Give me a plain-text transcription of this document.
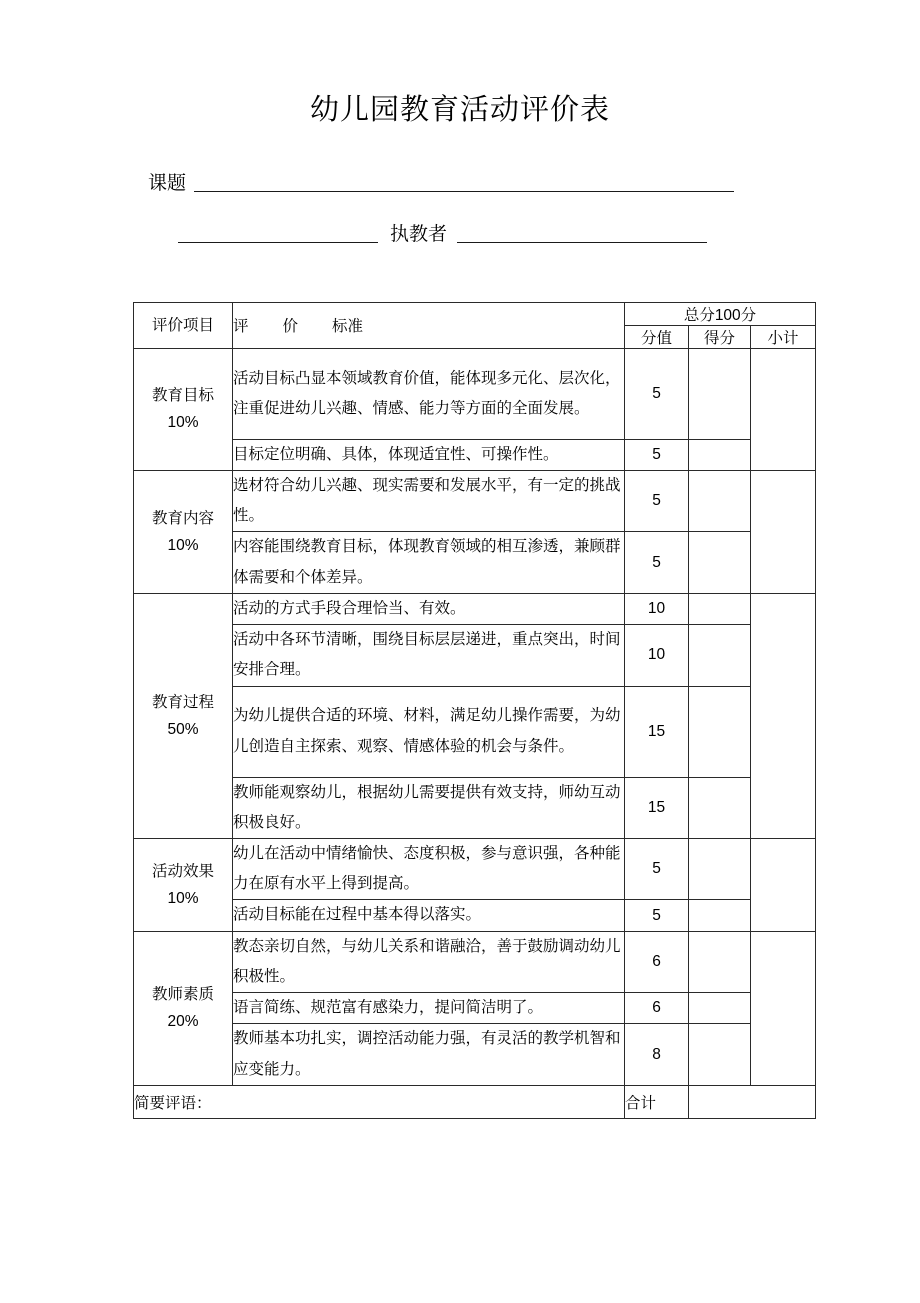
幼儿园教育活动评价表
课题
执教者
评价项目	评 价 标准	总分100分		
		分值	得分	小计

教育目标
10%	活动目标凸显本领域教育价值，能体现多元化、层次化，注重促进幼儿兴趣、情感、能力等方面的全面发展。	5		
	目标定位明确、具体，体现适宜性、可操作性。	5		

教育内容
10%	选材符合幼儿兴趣、现实需要和发展水平，有一定的挑战性。	5		
	内容能围绕教育目标，体现教育领域的相互渗透，兼顾群体需要和个体差异。	5		

教育过程
50%	活动的方式手段合理恰当、有效。	10		
	活动中各环节清晰，围绕目标层层递进，重点突出，时间安排合理。	10		
	为幼儿提供合适的环境、材料，满足幼儿操作需要，为幼儿创造自主探索、观察、情感体验的机会与条件。	15		
	教师能观察幼儿，根据幼儿需要提供有效支持，师幼互动积极良好。	15		

活动效果
10%	幼儿在活动中情绪愉快、态度积极，参与意识强，各种能力在原有水平上得到提高。	5		
	活动目标能在过程中基本得以落实。	5		

教师素质
20%	教态亲切自然，与幼儿关系和谐融洽，善于鼓励调动幼儿积极性。	6		
	语言简练、规范富有感染力，提问简洁明了。	6		
	教师基本功扎实，调控活动能力强，有灵活的教学机智和应变能力。	8		
简要评语：		合计		
